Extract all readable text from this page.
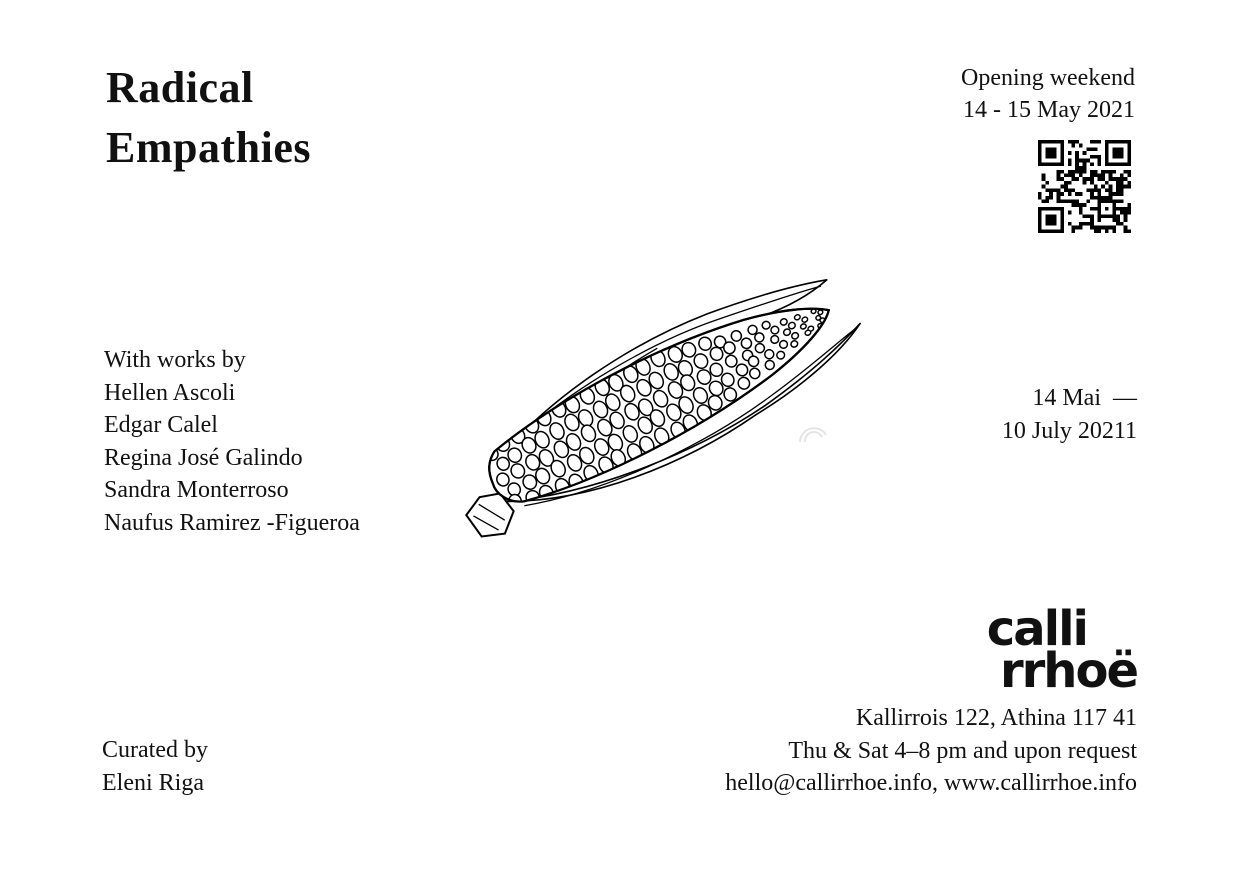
Radical
Empathies
Opening weekend
14 - 15 May 2021
With works by
Hellen Ascoli
Edgar Calel
Regina José Galindo
Sandra Monterroso
Naufus Ramirez -Figueroa
14 Mai  —
10 July 20211
calli
rrhoë
Kallirrois 122, Athina 117 41
Thu & Sat 4–8 pm and upon request
hello@callirrhoe.info, www.callirrhoe.info
Curated by
Eleni Riga
